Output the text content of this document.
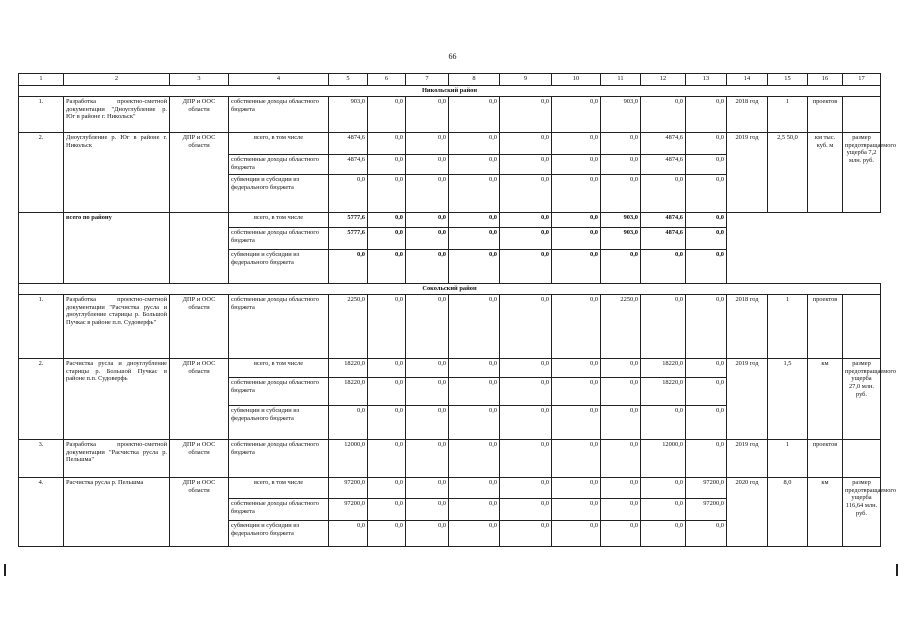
66
1	2	3	4	5	6	7	8	9	10	11	12	13	14	15	16	17
Никольский район																
1.	Разработка проектно-сметной документации "Дноуглубление р. Юг в районе г. Никольск"	ДПР и ООС области	собственные доходы областного бюджета	903,0	0,0	0,0	0,0	0,0	0,0	903,0	0,0	0,0	2018 год	1	проектов	
2.	Дноуглубление р. Юг в районе г. Никольск	ДПР и ООС области	всего, в том числе	4874,6	0,0	0,0	0,0	0,0	0,0	0,0	4874,6	0,0	2019 год	2,5 50,0	км тыс. куб. м	размер предотвращаемого ущерба 7,2 млн. руб.
			собственные доходы областного бюджета	4874,6	0,0	0,0	0,0	0,0	0,0	0,0	4874,6	0,0				
			субвенции и субсидии из федерального бюджета	0,0	0,0	0,0	0,0	0,0	0,0	0,0	0,0	0,0				
	всего по району		всего, в том числе	5777,6	0,0	0,0	0,0	0,0	0,0	903,0	4874,6	0,0				
			собственные доходы областного бюджета	5777,6	0,0	0,0	0,0	0,0	0,0	903,0	4874,6	0,0				
			субвенции и субсидии из федерального бюджета	0,0	0,0	0,0	0,0	0,0	0,0	0,0	0,0	0,0				
Сокольский район																
1.	Разработка проектно-сметной документации "Расчистка русла и дноуглубление старицы р. Большой Пучкас в районе п.п. Судоверфь"	ДПР и ООС области	собственные доходы областного бюджета	2250,0	0,0	0,0	0,0	0,0	0,0	2250,0	0,0	0,0	2018 год	1	проектов	
2.	Расчистка русла и дноуглубление старицы р. Большой Пучкас в районе п.п. Судоверфь	ДПР и ООС области	всего, в том числе	18220,0	0,0	0,0	0,0	0,0	0,0	0,0	18220,0	0,0	2019 год	1,5	км	размер предотвращаемого ущерба 27,0 млн. руб.
			собственные доходы областного бюджета	18220,0	0,0	0,0	0,0	0,0	0,0	0,0	18220,0	0,0				
			субвенции и субсидии из федерального бюджета	0,0	0,0	0,0	0,0	0,0	0,0	0,0	0,0	0,0				
3.	Разработка проектно-сметной документации "Расчистка русла р. Пельшма"	ДПР и ООС области	собственные доходы областного бюджета	12000,0	0,0	0,0	0,0	0,0	0,0	0,0	12000,0	0,0	2019 год	1	проектов	
4.	Расчистка русла р. Пельшма	ДПР и ООС области	всего, в том числе	97200,0	0,0	0,0	0,0	0,0	0,0	0,0	0,0	97200,0	2020 год	8,0	км	размер предотвращаемого ущерба 116,64 млн. руб.
			собственные доходы областного бюджета	97200,0	0,0	0,0	0,0	0,0	0,0	0,0	0,0	97200,0				
			субвенции и субсидии из федерального бюджета	0,0	0,0	0,0	0,0	0,0	0,0	0,0	0,0	0,0				
